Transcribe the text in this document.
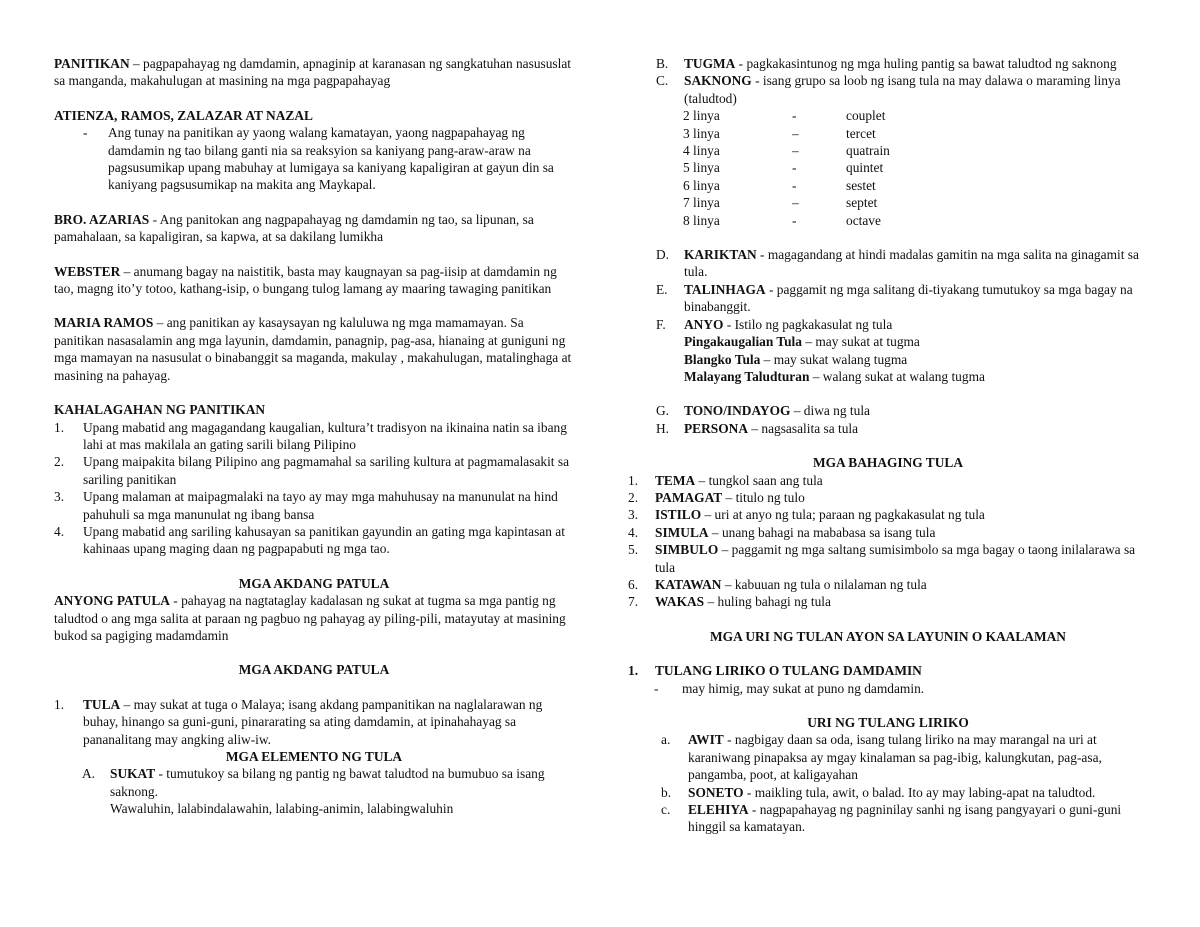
PANITIKAN – pagpapahayag ng damdamin, apnaginip at karanasan ng sangkatuhan nasususlat sa manganda, makahulugan at masining na mga pagpapahayag

ATIENZA, RAMOS, ZALAZAR AT NAZAL

-	Ang tunay na panitikan ay yaong walang kamatayan, yaong nagpapahayag ng damdamin ng tao bilang ganti nia sa reaksyion sa kaniyang pang-araw-araw na pagsusumikap upang mabuhay at lumigaya sa kaniyang kapaligiran at gayun din sa kaniyang pagsusumikap na makita ang Maykapal.

BRO. AZARIAS - Ang panitokan ang nagpapahayag ng damdamin ng tao, sa lipunan, sa pamahalaan, sa kapaligiran, sa kapwa, at sa dakilang lumikha

WEBSTER – anumang bagay na naistitik, basta may kaugnayan sa pag-iisip at damdamin ng tao, magng ito’y totoo, kathang-isip, o bungang tulog lamang ay maaring tawaging panitikan

MARIA RAMOS – ang panitikan ay kasaysayan ng kaluluwa ng mga mamamayan. Sa panitikan nasasalamin ang mga layunin, damdamin, panagnip, pag-asa, hianaing at guniguni ng mga mamayan na nasusulat o binabanggit sa maganda, makulay , makahulugan, matalinghaga at masining na pahayag.

KAHALAGAHAN NG PANITIKAN

1.	Upang mabatid ang magagandang kaugalian, kultura’t tradisyon na ikinaina natin sa ibang lahi at mas makilala an gating sarili bilang Pilipino
2.	Upang maipakita bilang Pilipino ang pagmamahal sa sariling kultura at pagmamalasakit sa sariling panitikan
3.	Upang malaman at maipagmalaki na tayo ay may mga mahuhusay na manunulat na hind pahuhuli sa mga manunulat ng ibang bansa
4.	Upang mabatid ang sariling kahusayan sa panitikan gayundin an gating mga kapintasan at kahinaas upang maging daan ng pagpapabuti ng mga tao.

MGA AKDANG PATULA

ANYONG PATULA - pahayag na nagtataglay kadalasan ng sukat at tugma sa mga pantig ng taludtod o ang mga salita at paraan ng pagbuo ng pahayag ay piling-pili, matayutay at masining bukod sa pagiging madamdamin

MGA AKDANG PATULA

1.	TULA – may sukat at tuga o Malaya; isang akdang pampanitikan na naglalarawan ng buhay, hinango sa guni-guni, pinararating sa ating damdamin, at ipinahahayag sa pananalitang may angking aliw-iw.

MGA ELEMENTO NG TULA

A.	SUKAT - tumutukoy sa bilang ng pantig ng bawat taludtod na bumubuo sa isang saknong.
Wawaluhin, lalabindalawahin, lalabing-animin, lalabingwaluhin
B.	TUGMA - pagkakasintunog ng mga huling pantig sa bawat taludtod ng saknong
C.	SAKNONG - isang grupo sa loob ng isang tula na may dalawa o maraming linya (taludtod)
2 linya	-	couplet
3 linya	–	tercet
4 linya	–	quatrain
5 linya	-	quintet
6 linya	-	sestet
7 linya	–	septet
8 linya	-	octave
D.	KARIKTAN - magagandang at hindi madalas gamitin na mga salita na ginagamit sa tula.
E.	TALINHAGA - paggamit ng mga salitang di-tiyakang tumutukoy sa mga bagay na binabanggit.
F.	ANYO - Istilo ng pagkakasulat ng tula
Pingakaugalian Tula – may sukat at tugma
Blangko Tula – may sukat walang tugma
Malayang Taludturan – walang sukat at walang tugma
G.	TONO/INDAYOG – diwa ng tula
H.	PERSONA – nagsasalita sa tula

MGA BAHAGING TULA

1.	TEMA – tungkol saan ang tula
2.	PAMAGAT – titulo ng tulo
3.	ISTILO – uri at anyo ng tula; paraan ng pagkakasulat ng tula
4.	SIMULA – unang bahagi na mababasa sa isang tula
5.	SIMBULO – paggamit ng mga saltang sumisimbolo sa mga bagay o taong inilalarawa sa tula
6.	KATAWAN – kabuuan ng tula o nilalaman ng tula
7.	WAKAS – huling bahagi ng tula

MGA URI NG TULAN AYON SA LAYUNIN O KAALAMAN

1.	TULANG LIRIKO O TULANG DAMDAMIN
-	may himig, may sukat at puno ng damdamin.

URI NG TULANG LIRIKO

a.	AWIT - nagbigay daan sa oda, isang tulang liriko na may marangal na uri at karaniwang pinapaksa ay mgay kinalaman sa pag-ibig, kalungkutan, pag-asa, pangamba, poot, at kaligayahan
b.	SONETO - maikling tula, awit, o balad. Ito ay may labing-apat na taludtod.
c.	ELEHIYA - nagpapahayag ng pagninilay sanhi ng isang pangyayari o guni-guni hinggil sa kamatayan.
